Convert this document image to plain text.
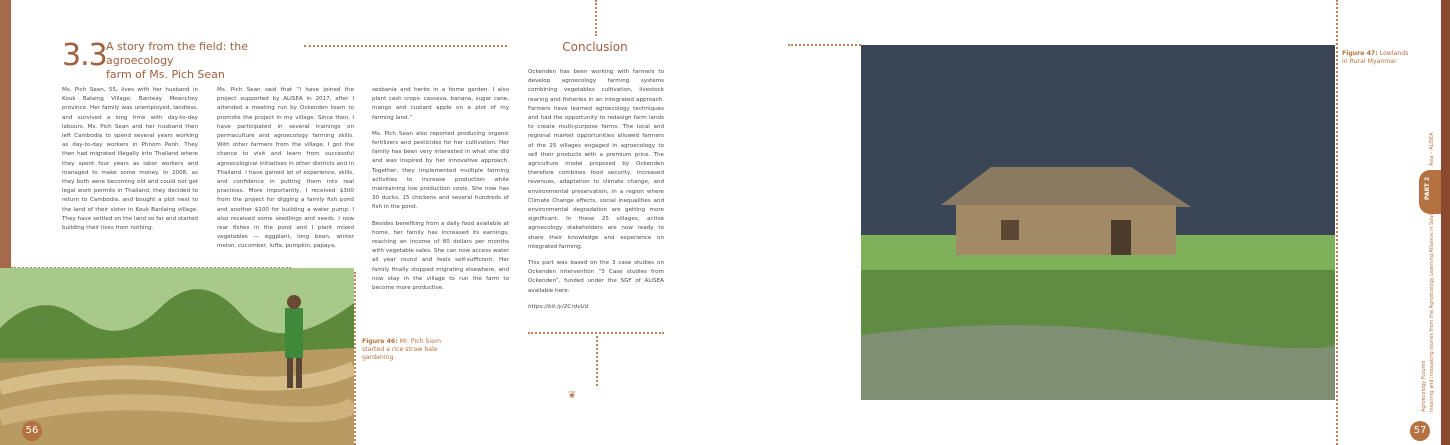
3.3 A story from the field: the agroecology
farm of Ms. Pich Sean

Ms. Pich Sean, 55, lives with her husband in Kouk Balaing Village, Banteay Meanchey province. Her family was unemployed, landless, and survived a long time with day-to-day labours. Ms. Pich Sean and her husband then left Cambodia to spend several years working as day-to-day workers in Phnom Penh. They then had migrated illegally into Thailand where they spent four years as labor workers and managed to make some money. In 2008, as they both were becoming old and could not get legal work permits in Thailand, they decided to return to Cambodia, and bought a plot next to the land of their sister in Kouk Banlaing village. They have settled on the land so far and started building their lives from nothing.

Ms. Pich Sean said that “I have joined the project supported by ALISEA in 2017, after I attended a meeting run by Ockenden team to promote the project in my village. Since then, I have participated in several trainings on permaculture and agroecology farming skills. With other farmers from the village, I got the chance to visit and learn from successful agroecological initiatives in other districts and in Thailand. I have gained lot of experience, skills, and confidence in putting them into real practices. More importantly, I received $300 from the project for digging a family fish pond and another $100 for building a water pump. I also received some seedlings and seeds. I now rear fishes in the pond and I plant mixed vegetables — eggplant, long bean, winter melon, cucumber, luffa, pumpkin, papaya,

sesbania and herbs in a home garden. I also plant cash crops- cassava, banana, sugar cane, mango and custard apple on a plot of my farming land.”

Ms. Pich Sean also reported producing organic fertilizers and pesticides for her cultivation. Her family has been very interested in what she did and was inspired by her innovative approach. Together, they implemented multiple farming activities to increase production while maintaining low production costs. She now has 30 ducks, 15 chickens and several hundreds of fish in the pond.

Besides benefiting from a daily food available at home, her family has increased its earnings, reaching an income of 80 dollars per months with vegetable sales. She can now access water all year round and feels self-sufficient. Her family finally stopped migrating elsewhere, and now stay in the village to run the farm to become more productive.

56
Figure 46: Mr. Pich Siem started a rice straw bale gardening
Conclusion

Ockenden has been working with farmers to develop agroecology farming systems combining vegetables cultivation, livestock rearing and fisheries in an integrated approach. Farmers have learned agroecology techniques and had the opportunity to redesign farm lands to create multi-purpose farms. The local and regional market opportunities allowed farmers of the 25 villages engaged in agroecology to sell their products with a premium price. The agriculture model proposed by Ockenden therefore combines food security, increased revenues, adaptation to climate change, and environmental preservation, in a region where Climate Change effects, social inequalities and environmental degradation are getting more significant. In these 25 villages, active agroecology stakeholders are now ready to share their knowledge and experience on integrated farming.

This part was based on the 3 case studies on Ockenden intervention “3 Case studies from Ockenden”, funded under the SGF of ALISEA available here:

https://bit.ly/2CrdvUd

❦
Figure 47: Lowlands in Rural Myanmar
PART 2
Asia – ALISEA
Agroecology Futures Inspiring and innovating stories from the Agroecology Learning Alliance in South East
57
